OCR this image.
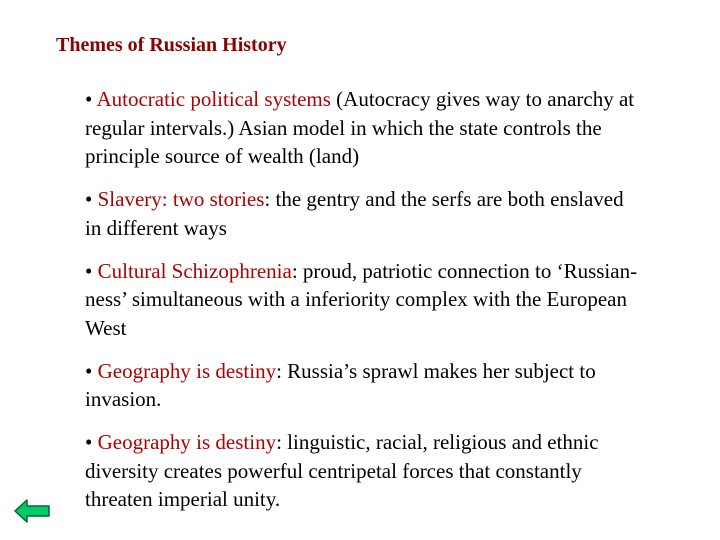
Themes of Russian History
• Autocratic political systems (Autocracy gives way to anarchy at regular intervals.) Asian model in which the state controls the principle source of wealth (land)
• Slavery: two stories: the gentry and the serfs are both enslaved in different ways
• Cultural Schizophrenia: proud, patriotic connection to ‘Russian-ness’ simultaneous with a inferiority complex with the European West
• Geography is destiny: Russia’s sprawl makes her subject to invasion.
• Geography is destiny: linguistic, racial, religious and ethnic diversity creates powerful centripetal forces that constantly threaten imperial unity.
